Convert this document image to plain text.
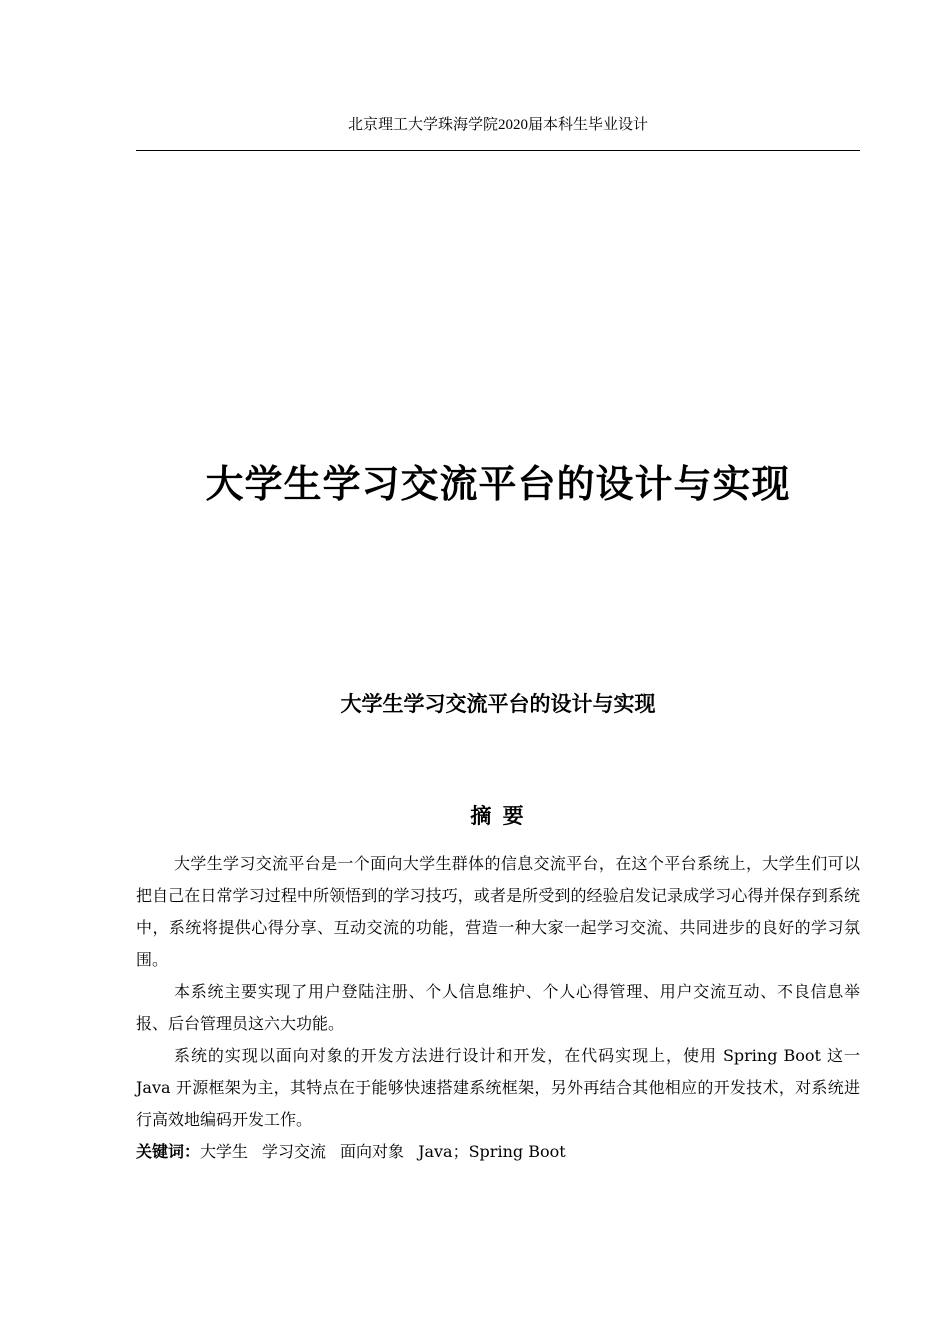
北京理工大学珠海学院2020届本科生毕业设计
大学生学习交流平台的设计与实现
大学生学习交流平台的设计与实现
摘 要

大学生学习交流平台是一个面向大学生群体的信息交流平台，在这个平台系统上，大学生们可以把自己在日常学习过程中所领悟到的学习技巧，或者是所受到的经验启发记录成学习心得并保存到系统中，系统将提供心得分享、互动交流的功能，营造一种大家一起学习交流、共同进步的良好的学习氛围。

本系统主要实现了用户登陆注册、个人信息维护、个人心得管理、用户交流互动、不良信息举报、后台管理员这六大功能。

系统的实现以面向对象的开发方法进行设计和开发，在代码实现上，使用 Spring Boot 这一 Java 开源框架为主，其特点在于能够快速搭建系统框架，另外再结合其他相应的开发技术，对系统进行高效地编码开发工作。

关键词：大学生 学习交流 面向对象 Java；Spring Boot
